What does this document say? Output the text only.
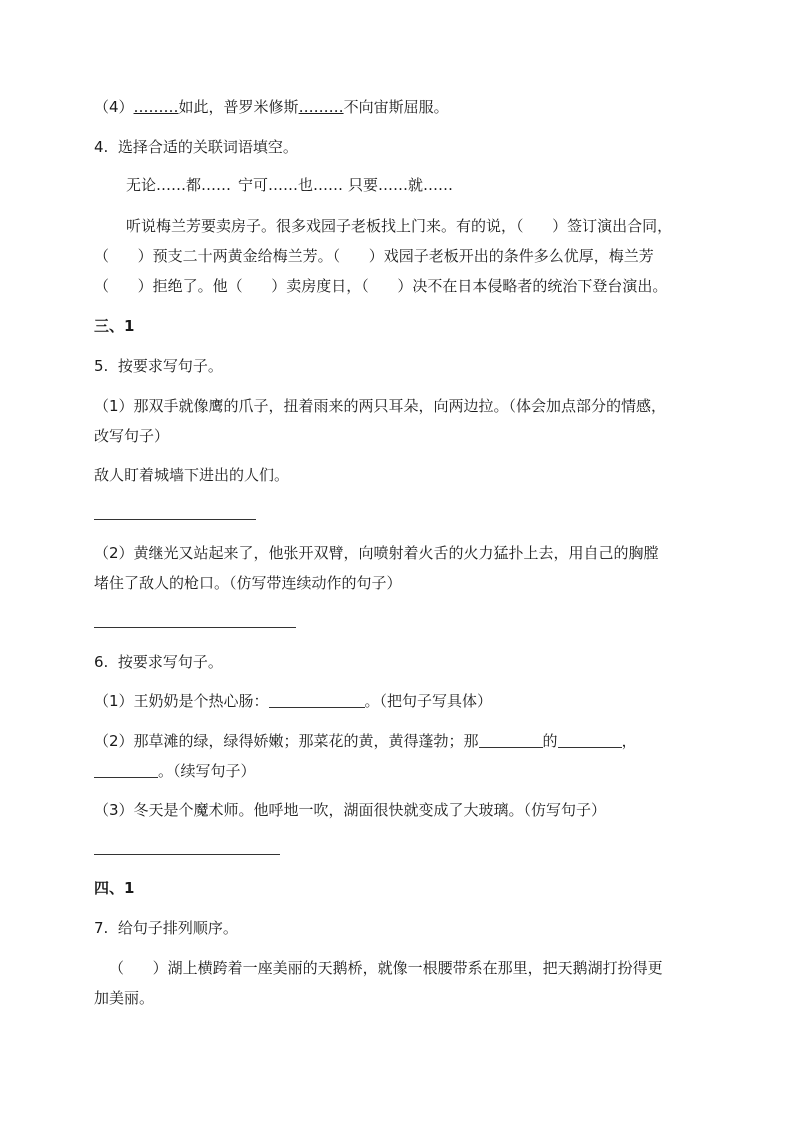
（4）………如此，普罗米修斯………不向宙斯屈服。
4.  选择合适的关联词语填空。
无论……都…… 宁可……也…… 只要……就……
听说梅兰芳要卖房子。很多戏园子老板找上门来。有的说，（      ）签订演出合同，
（      ）预支二十两黄金给梅兰芳。（      ）戏园子老板开出的条件多么优厚，梅兰芳
（      ）拒绝了。他（      ）卖房度日，（      ）决不在日本侵略者的统治下登台演出。
三、1
5.  按要求写句子。
（1）那双手就像鹰的爪子，扭着雨来的两只耳朵，向两边拉。（体会加点部分的情感，
改写句子）
敌人盯着城墙下进出的人们。
（2）黄继光又站起来了，他张开双臂，向喷射着火舌的火力猛扑上去，用自己的胸膛
堵住了敌人的枪口。（仿写带连续动作的句子）
6.  按要求写句子。
（1）王奶奶是个热心肠：	。（把句子写具体）
（2）那草滩的绿，绿得娇嫩；那菜花的黄，黄得蓬勃；那	的	，
。（续写句子）
（3）冬天是个魔术师。他呼地一吹，湖面很快就变成了大玻璃。（仿写句子）
四、1
7.  给句子排列顺序。
（      ）湖上横跨着一座美丽的天鹅桥，就像一根腰带系在那里，把天鹅湖打扮得更
加美丽。
